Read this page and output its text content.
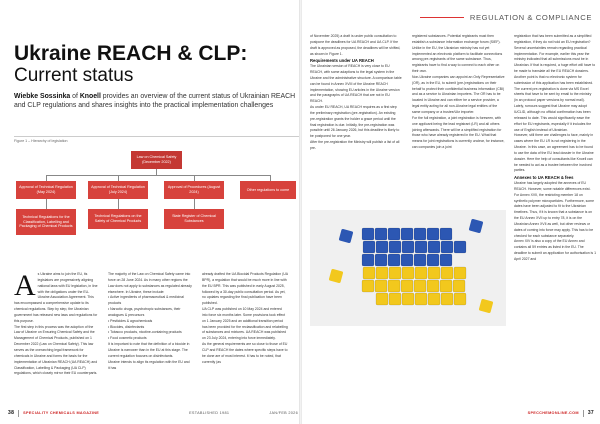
Ukraine REACH & CLP:
Current status
Wiebke Sossinka of Knoell provides an overview of the current status of Ukrainian REACH and CLP regulations and shares insights into the practical implementation challenges
Figure 1 – Hierarchy of legislation
Law on Chemical Safety (December 2022)
Approval of Technical Regulation (May 2024)
Approval of Technical Regulation (July 2024)
Approval of Procedures (August 2024)
Other regulations to come
Technical Regulations for the Classification, Labelling and Packaging of Chemical Products
Technical Regulations on the Safety of Chemical Products
State Register of Chemical Substances
A s Ukraine aims to join the EU, its legislators are progressively aligning national laws with EU legislation, in line with the obligations under the EU-Ukraine Association Agreement. This has encompassed a comprehensive update to its chemical regulations. Step by step, the Ukrainian government has released new laws and regulations for this purpose.

The first step in this process was the adoption of the Law of Ukraine on Ensuring Chemical Safety and the Management of Chemical Products, published on 1 December 2022 (Law on Chemical Safety). This law serves as the overarching legal framework for chemicals in Ukraine and forms the basis for the implementation of Ukrainian REACH (UA REACH) and Classification, Labelling & Packaging (UA CLP) regulations, which closely mirror their EU counterparts.

The majority of the Law on Chemical Safety came into force on 28 June 2024. As in many other regions the Law does not apply to substances as regulated already elsewhere. In Ukraine, these include:

• Active ingredients of pharmaceutical & medicinal products

• Narcotic drugs, psychotropic substances, their analogues & precursors

• Pesticides & agrochemicals

• Biocides, disinfectants

• Tobacco products, nicotine-containing products

• Food cosmetic products

It is important to note that the definition of a biocide in Ukraine is narrower than in the EU at this stage. The current regulation focuses on disinfectants.

Ukraine intends to align its regulation with the EU and it has

already drafted the UA Biocidal Products Regulation (UA BPR), a regulation that would be much more in line with the EU BPR. This was published in early August 2025, followed by a 30-day public consultation period. As yet, no updates regarding the final publication have been published.

UA CLP was published on 10 May 2024 and entered into force six months later. Some provisions took effect on 1 January 2025 and an additional transition period has been provided for the reclassification and relabelling of substances and mixtures. UA REACH was published on 23 July 2024, entering into force immediately.

As the general requirements are so close to those of EU CLP and REACH the dates where specific steps have to be done are of most interest. It has to be noted, that currently (as

38 SPECIALITY CHEMICALS MAGAZINE	ESTABLISHED 1981	JAN/FEB 2026
REGULATION & COMPLIANCE

of November 2025) a draft is under public consultation to postpone the deadlines for UA REACH and UA CLP. If the draft is approved as proposed, the deadlines will be shifted, as shown in Figure 1.

Requirements under UA REACH

The Ukrainian version of REACH is very close to EU REACH, with some adaptions to the legal system in the Ukraine and the administrative structure. A comparison table can be found in Annex XVIII of the Ukraine REACH implementation, showing EU articles in the Ukraine version and the paragraphs of UA REACH that are not in EU REACH.

As under EU REACH, UA REACH requires as a first step the preliminary registration (pre-registration). An existing pre-registration grants the holder a grace period until the final registration is due. Initially, the pre-registration was possible until 26 January 2026, but this deadline is likely to be postponed for one year.

After the pre-registration the Ministry will publish a list of all pre-

registered substances. Potential registrants must then establish a substance information exchange forum (SIEF). Unlike in the EU, the Ukrainian ministry has not yet implemented an electronic platform to facilitate connections among pre-registrants of the same substance. Thus, registrants have to find a way to connect to each other on their own.

Non-Ukraine companies can appoint an Only Representative (OR), as in the EU, to submit (pre-)registrations on their behalf to protect their confidential business information (CBI) and as a service to Ukrainian importers. The OR has to be located in Ukraine and can either be a service provider, a legal entity acting for all non-Ukraine legal entities of the same company or a trustee/Ukr importer.

For the full registration, a joint registration is foreseen, with one applicant being the lead registrant (LR) and all others joining afterwards. There will be a simplified registration for those who have already registered in the EU. What that means for joint registrations is currently unclear, for instance, can companies join a joint

registration that has been submitted as a simplified registration, if they do not hold an EU registration?

Several uncertainties remain regarding practical implementation. For example, earlier this year the ministry indicated that all submissions must be in Ukrainian. If that is required, a huge effort will have to be made to translate all the EU REACH dossiers.

Another point is that no electronic system for submission of this application has been established. The current pre-registration is done via MS Excel sheets that have to be sent by email to the ministry (in an protocol paper versions by normal mail).

Lately, rumours suggest that Ukraine may adopt IUCLID, although no official confirmation has been released to date. This would significantly ease the effort for EU registrants, especially if it includes the use of English instead of Ukrainian.

However, still there are challenges to face, mainly in cases where the EU LR is not registering in the Ukraine. In this case, an agreement has to be found to use the data of the EU lead dossier in the Ukraine dossier. Here the help of consultants like Knoell can be needed to act as a trustee between the involved parties.

Annexes to UA REACH & fees

Ukraine has largely adopted the annexes of EU REACH. However, some notable differences exist.

For Annex XVII, the restricting member 18 on synthetic polymer microparticles. Furthermore, some dates have been adjusted to fit to the Ukrainian timelines. Thus, if it is known that a substance is on the EU Annex XVII up to entry 78, it is on the Ukrainian Annex XVII as well, but other reviews or dates of coming into force may apply. This has to be checked for each substance separately.

Annex XIV is also a copy of the EU Annex and contains all 59 entries as listed in the EU. The deadline to submit an application for authorisation is 1 April 2027 and

SPECCHEMONLINE.COM 37
